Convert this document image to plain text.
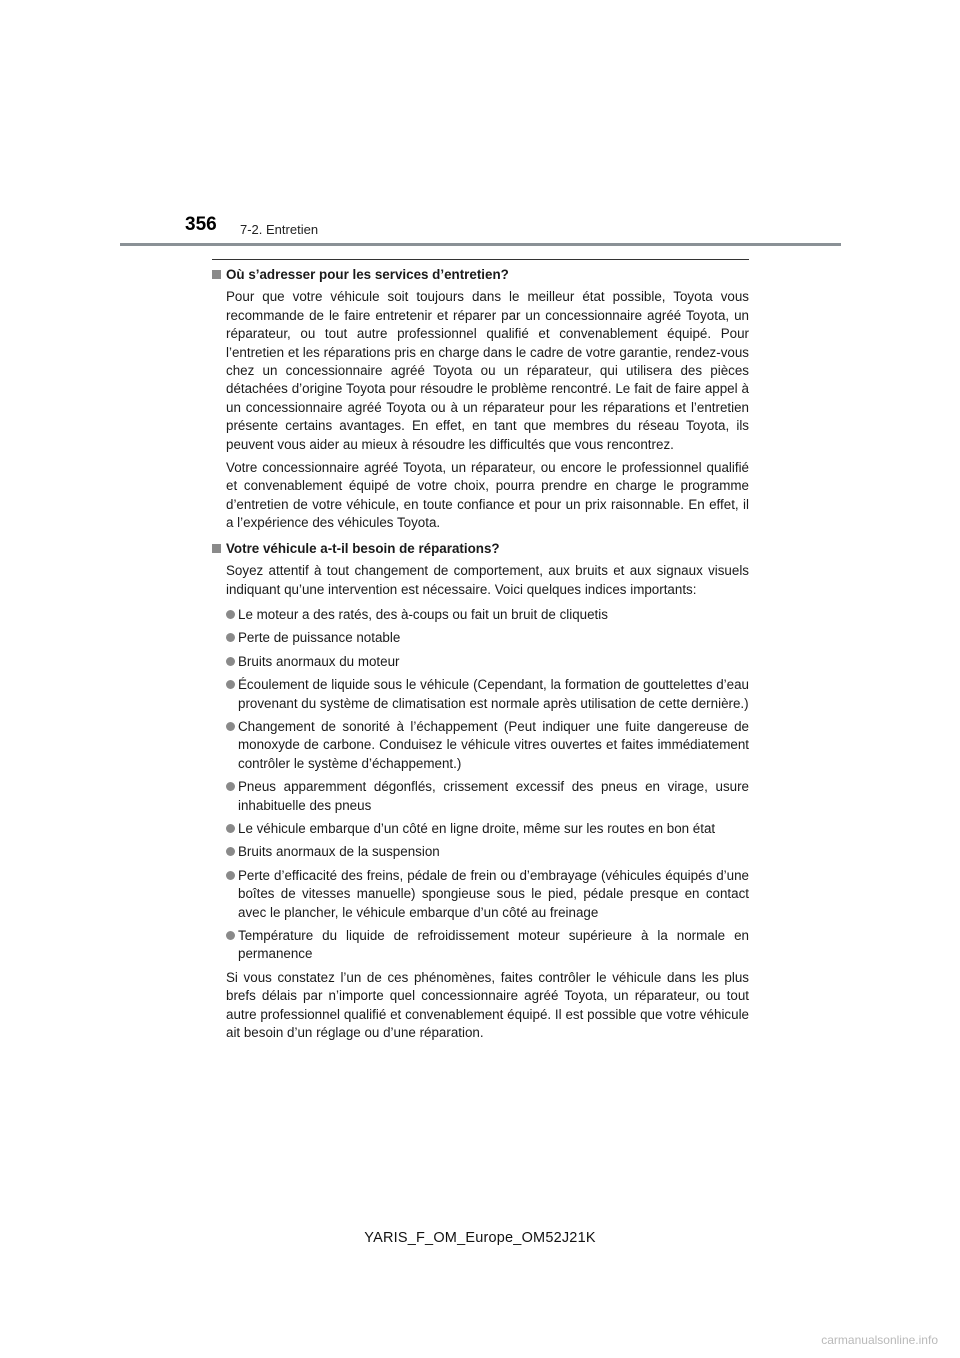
356 7-2. Entretien
Où s’adresser pour les services d’entretien?

Pour que votre véhicule soit toujours dans le meilleur état possible, Toyota vous recommande de le faire entretenir et réparer par un concessionnaire agréé Toyota, un réparateur, ou tout autre professionnel qualifié et convenablement équipé. Pour l’entretien et les réparations pris en charge dans le cadre de votre garantie, rendez-vous chez un concessionnaire agréé Toyota ou un réparateur, qui utilisera des pièces détachées d’origine Toyota pour résoudre le problème rencontré. Le fait de faire appel à un concessionnaire agréé Toyota ou à un réparateur pour les réparations et l’entretien présente certains avantages. En effet, en tant que membres du réseau Toyota, ils peuvent vous aider au mieux à résoudre les difficultés que vous rencontrez.

Votre concessionnaire agréé Toyota, un réparateur, ou encore le professionnel qualifié et convenablement équipé de votre choix, pourra prendre en charge le programme d’entretien de votre véhicule, en toute confiance et pour un prix raisonnable. En effet, il a l’expérience des véhicules Toyota.

Votre véhicule a-t-il besoin de réparations?

Soyez attentif à tout changement de comportement, aux bruits et aux signaux visuels indiquant qu’une intervention est nécessaire. Voici quelques indices importants:

Le moteur a des ratés, des à-coups ou fait un bruit de cliquetis
Perte de puissance notable
Bruits anormaux du moteur
Écoulement de liquide sous le véhicule (Cependant, la formation de gouttelettes d’eau provenant du système de climatisation est normale après utilisation de cette dernière.)
Changement de sonorité à l’échappement (Peut indiquer une fuite dangereuse de monoxyde de carbone. Conduisez le véhicule vitres ouvertes et faites immédiatement contrôler le système d’échappement.)
Pneus apparemment dégonflés, crissement excessif des pneus en virage, usure inhabituelle des pneus
Le véhicule embarque d’un côté en ligne droite, même sur les routes en bon état
Bruits anormaux de la suspension
Perte d’efficacité des freins, pédale de frein ou d’embrayage (véhicules équipés d’une boîtes de vitesses manuelle) spongieuse sous le pied, pédale presque en contact avec le plancher, le véhicule embarque d’un côté au freinage
Température du liquide de refroidissement moteur supérieure à la normale en permanence

Si vous constatez l’un de ces phénomènes, faites contrôler le véhicule dans les plus brefs délais par n’importe quel concessionnaire agréé Toyota, un réparateur, ou tout autre professionnel qualifié et convenablement équipé. Il est possible que votre véhicule ait besoin d’un réglage ou d’une réparation.

YARIS_F_OM_Europe_OM52J21K
carmanualsonline.info
